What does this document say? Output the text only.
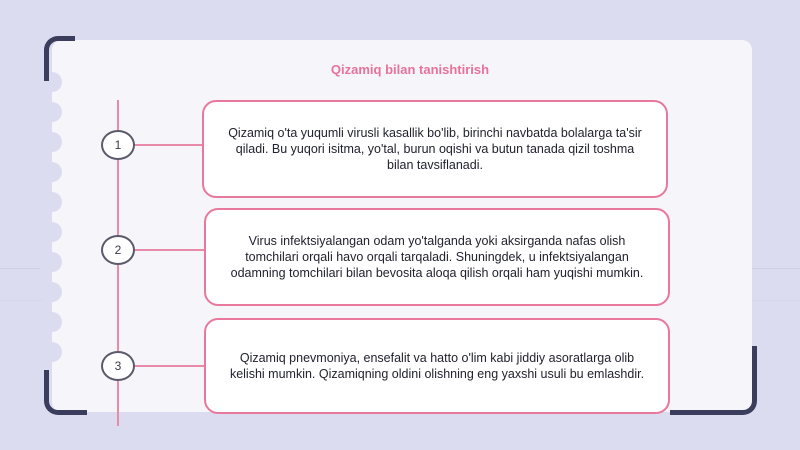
Qizamiq bilan tanishtirish
1
Qizamiq o'ta yuqumli virusli kasallik bo'lib, birinchi navbatda bolalarga ta'sir qiladi. Bu yuqori isitma, yo'tal, burun oqishi va butun tanada qizil toshma bilan tavsiflanadi.
2
Virus infektsiyalangan odam yo'talganda yoki aksirganda nafas olish tomchilari orqali havo orqali tarqaladi. Shuningdek, u infektsiyalangan odamning tomchilari bilan bevosita aloqa qilish orqali ham yuqishi mumkin.
3
Qizamiq pnevmoniya, ensefalit va hatto o'lim kabi jiddiy asoratlarga olib kelishi mumkin. Qizamiqning oldini olishning eng yaxshi usuli bu emlashdir.
